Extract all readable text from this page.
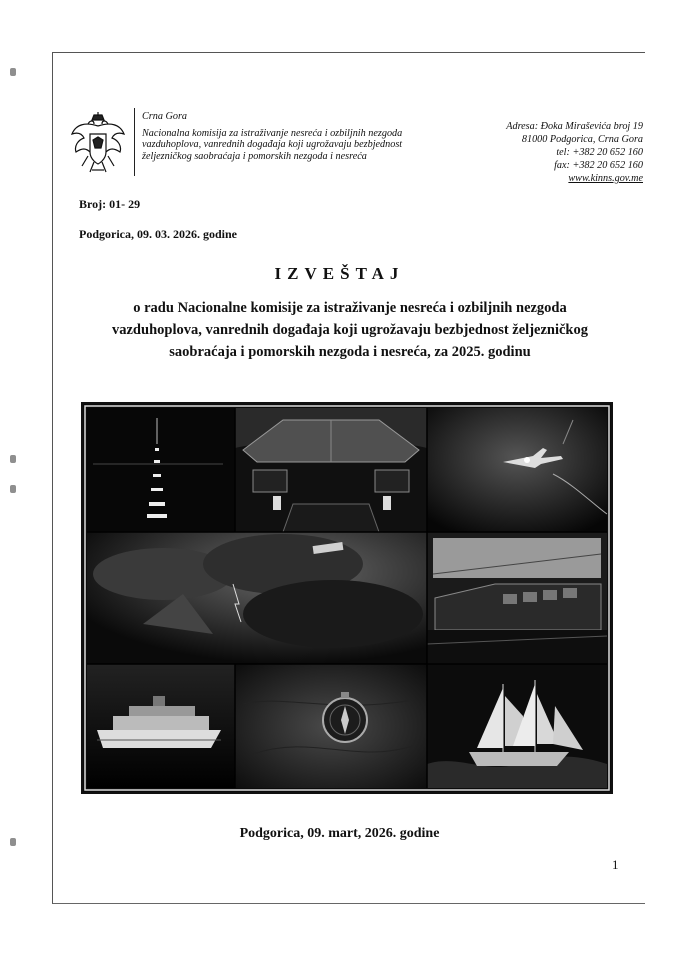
Crna Gora
Nacionalna komisija za istraživanje nesreća i ozbiljnih nezgoda
vazduhoplova, vanrednih događaja koji ugrožavaju bezbjednost
željezničkog saobraćaja i pomorskih nezgoda i nesreća
Adresa: Đoka Miraševića broj 19
81000 Podgorica, Crna Gora
tel: +382 20 652 160
fax: +382 20 652 160
www.kinns.gov.me
Broj: 01- 29
Podgorica, 09. 03. 2026. godine
IZVEŠTAJ
o radu Nacionalne komisije za istraživanje nesreća i ozbiljnih nezgoda
vazduhoplova, vanrednih događaja koji ugrožavaju bezbjednost željezničkog
saobraćaja i pomorskih nezgoda i nesreća, za 2025. godinu
Podgorica, 09. mart, 2026. godine
1
